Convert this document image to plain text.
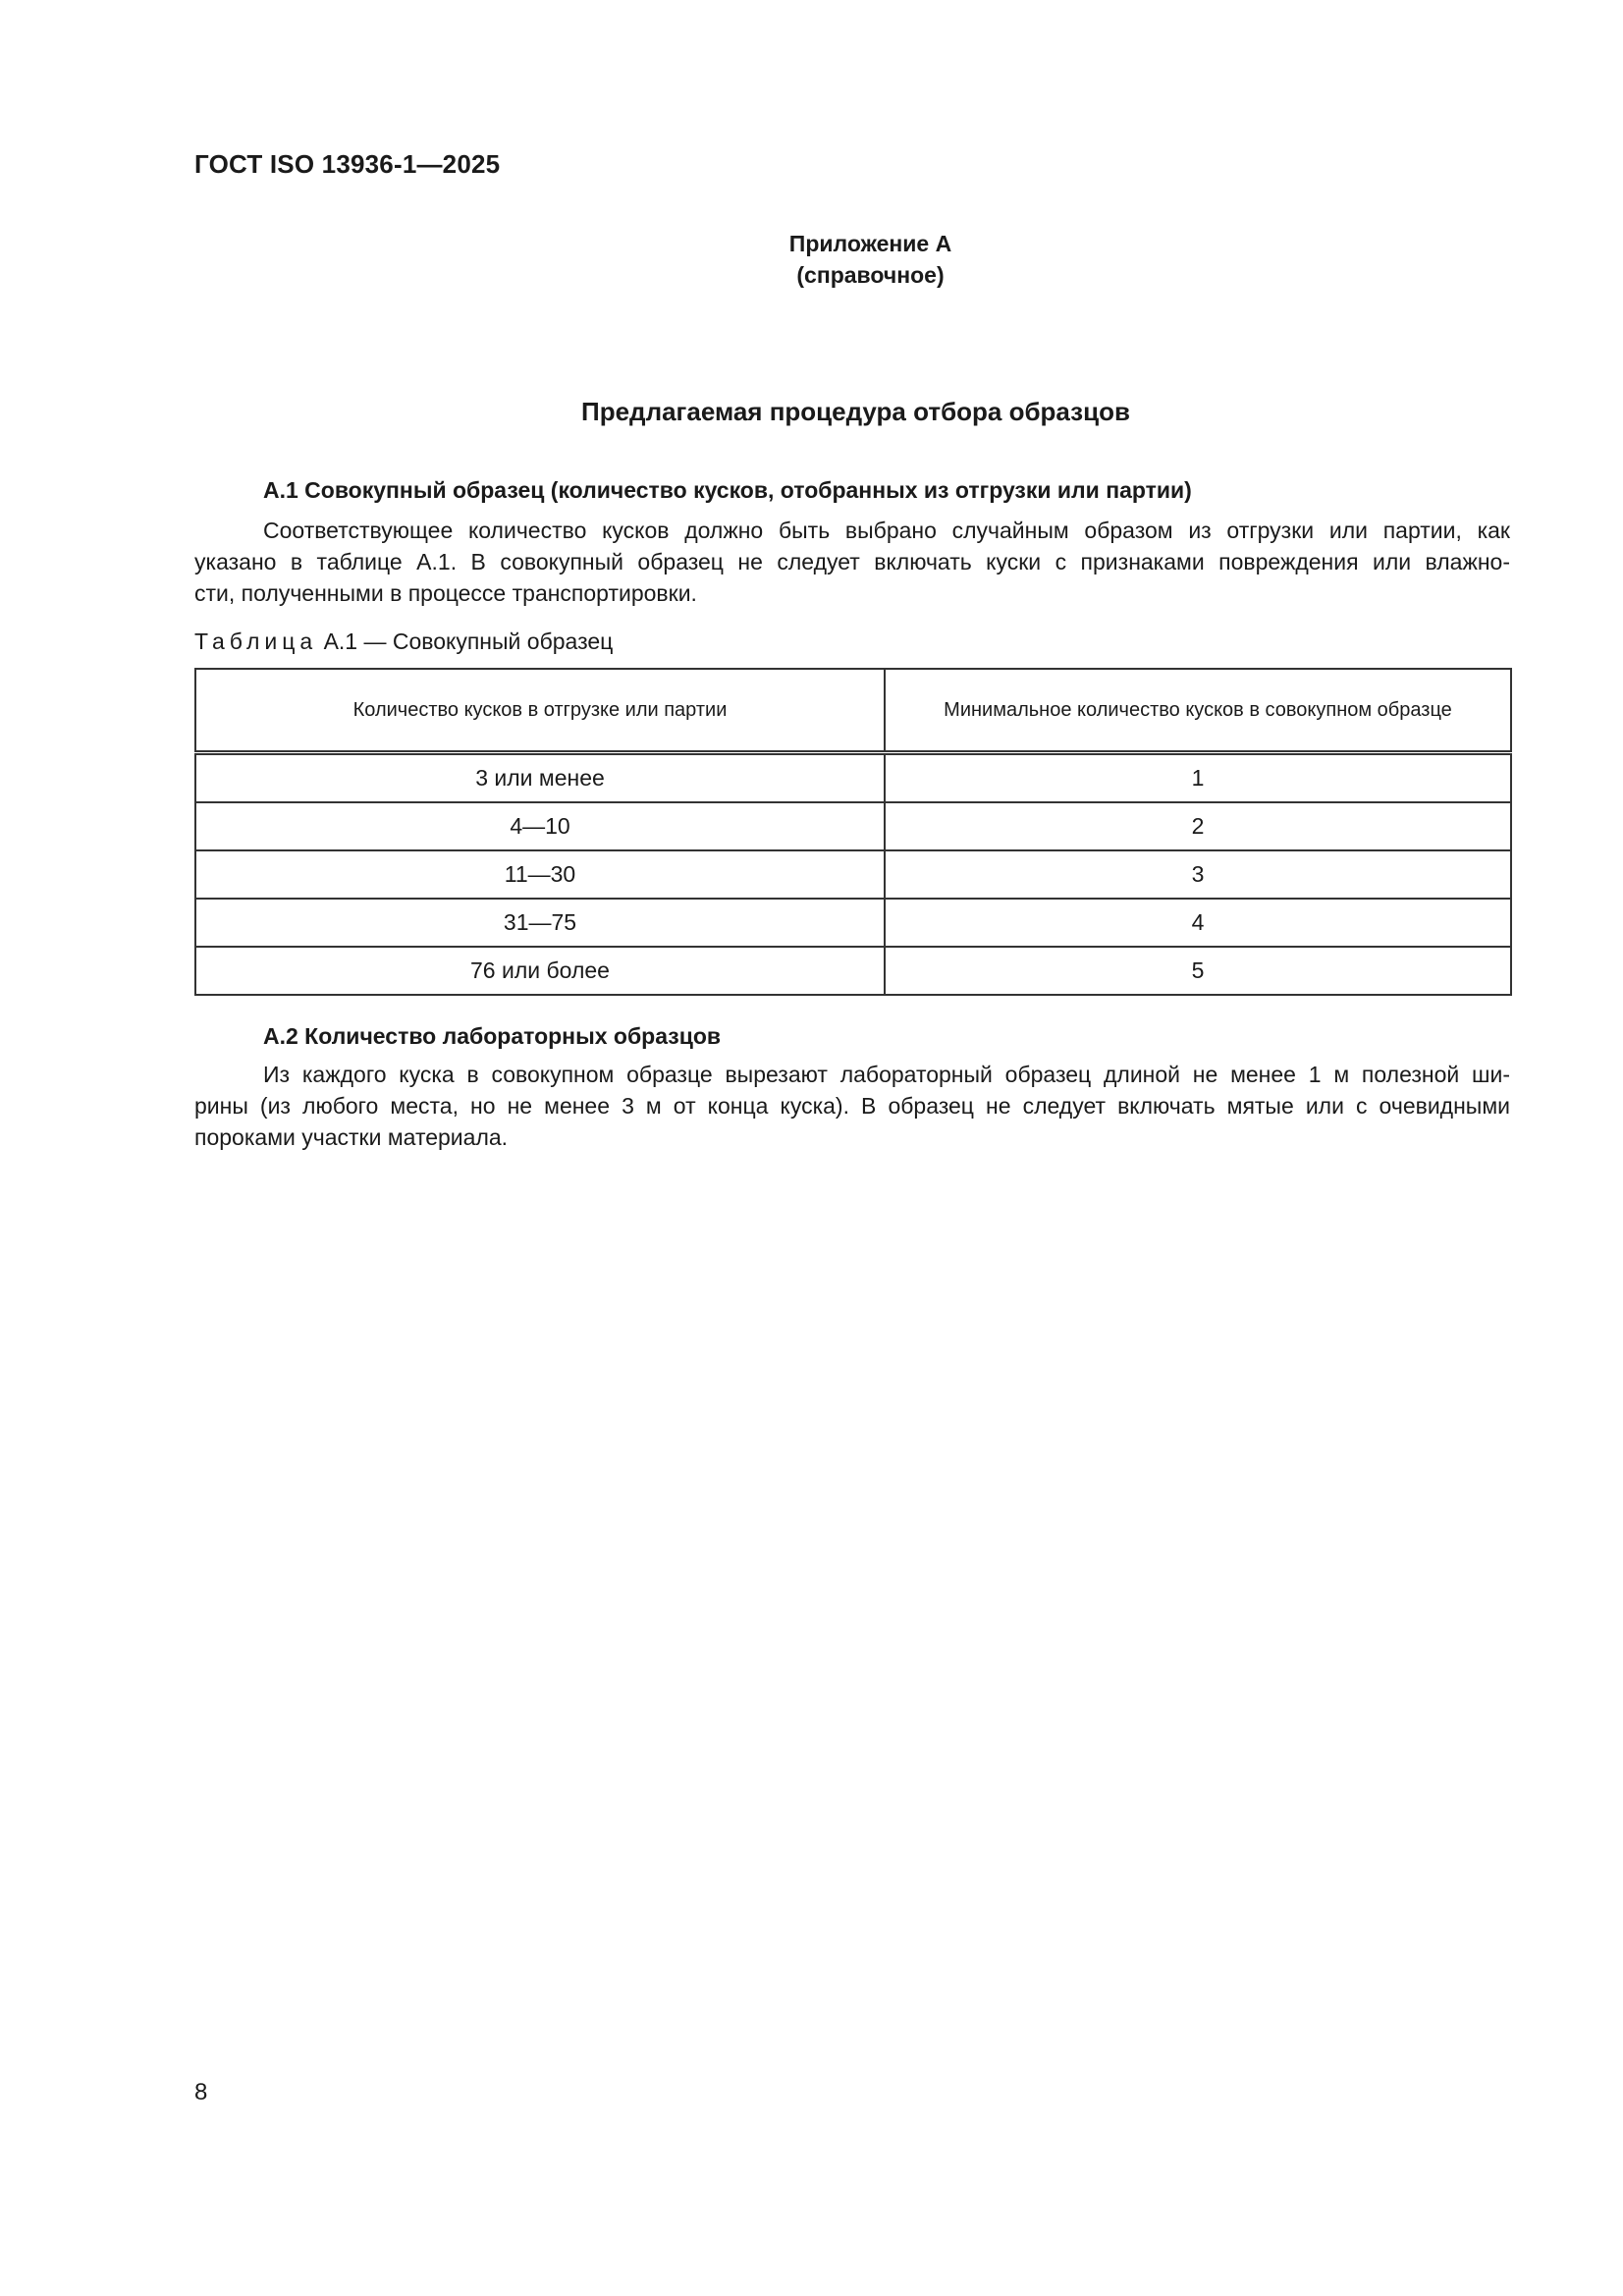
ГОСТ ISO 13936-1—2025
Приложение А
(справочное)
Предлагаемая процедура отбора образцов
А.1 Совокупный образец (количество кусков, отобранных из отгрузки или партии)
Соответствующее количество кусков должно быть выбрано случайным образом из отгрузки или партии, как
указано в таблице А.1. В совокупный образец не следует включать куски с признаками повреждения или влажно-
сти, полученными в процессе транспортировки.
Таблица А.1 — Совокупный образец
Количество кусков в отгрузке или партии	Минимальное количество кусков в совокупном образце
3 или менее	1
4—10	2
11—30	3
31—75	4
76 или более	5
А.2 Количество лабораторных образцов
Из каждого куска в совокупном образце вырезают лабораторный образец длиной не менее 1 м полезной ши-
рины (из любого места, но не менее 3 м от конца куска). В образец не следует включать мятые или с очевидными
пороками участки материала.
8
